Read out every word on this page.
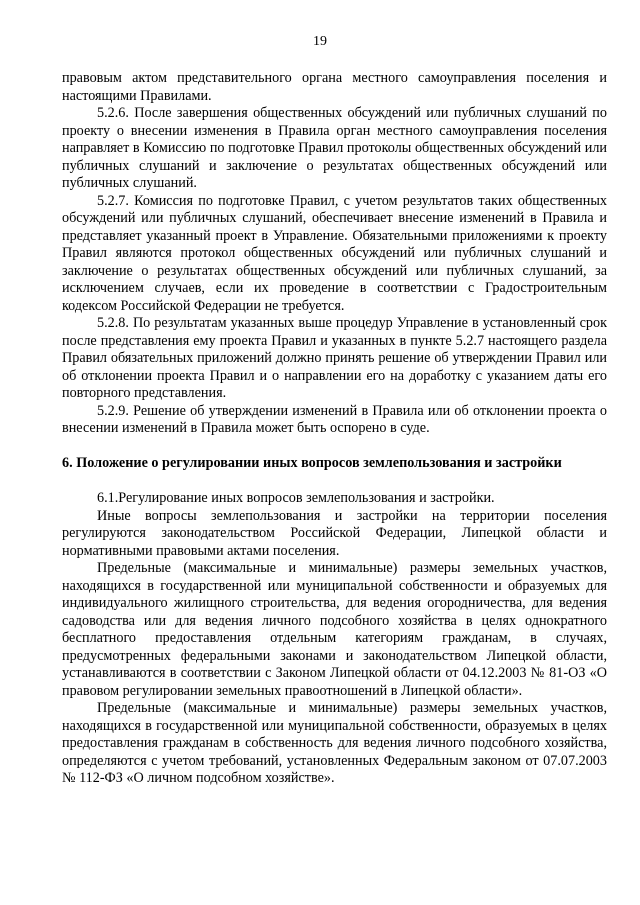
19

правовым актом представительного органа местного самоуправления поселения и настоящими Правилами.

5.2.6. После завершения общественных обсуждений или публичных слушаний по проекту о внесении изменения в Правила орган местного самоуправления поселения направляет в Комиссию по подготовке Правил протоколы общественных обсуждений или публичных слушаний и заключение о результатах общественных обсуждений или публичных слушаний.

5.2.7. Комиссия по подготовке Правил, с учетом результатов таких общественных обсуждений или публичных слушаний, обеспечивает внесение изменений в Правила и представляет указанный проект в Управление. Обязательными приложениями к проекту Правил являются протокол общественных обсуждений или публичных слушаний и заключение о результатах общественных обсуждений или публичных слушаний, за исключением случаев, если их проведение в соответствии с Градостроительным кодексом Российской Федерации не требуется.

5.2.8. По результатам указанных выше процедур Управление в установленный срок после представления ему проекта Правил и указанных в пункте 5.2.7 настоящего раздела Правил обязательных приложений должно принять решение об утверждении Правил или об отклонении проекта Правил и о направлении его на доработку с указанием даты его повторного представления.

5.2.9. Решение об утверждении изменений в Правила или об отклонении проекта о внесении изменений в Правила может быть оспорено в суде.

6. Положение о регулировании иных вопросов землепользования и застройки

6.1.Регулирование иных вопросов землепользования и застройки.

Иные вопросы землепользования и застройки на территории поселения регулируются законодательством Российской Федерации, Липецкой области и нормативными правовыми актами поселения.

Предельные (максимальные и минимальные) размеры земельных участков, находящихся в государственной или муниципальной собственности и образуемых для индивидуального жилищного строительства, для ведения огородничества, для ведения садоводства или для ведения личного подсобного хозяйства в целях однократного бесплатного предоставления отдельным категориям гражданам, в случаях, предусмотренных федеральными законами и законодательством Липецкой области, устанавливаются в соответствии с Законом Липецкой области от 04.12.2003 № 81-ОЗ «О правовом регулировании земельных правоотношений в Липецкой области».

Предельные (максимальные и минимальные) размеры земельных участков, находящихся в государственной или муниципальной собственности, образуемых в целях предоставления гражданам в собственность для ведения личного подсобного хозяйства, определяются с учетом требований, установленных Федеральным законом от 07.07.2003 № 112-ФЗ «О личном подсобном хозяйстве».
